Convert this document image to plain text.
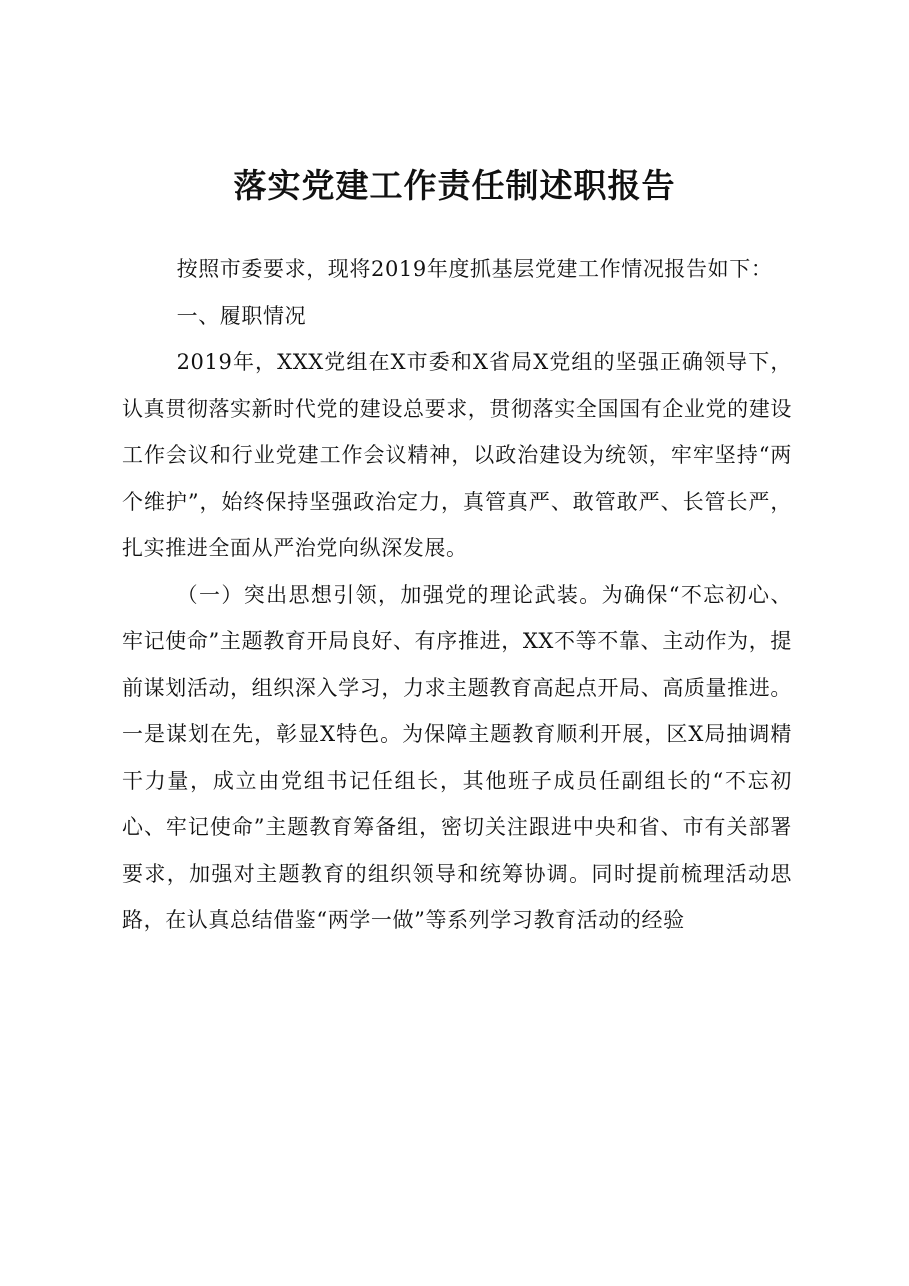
落实党建工作责任制述职报告

按照市委要求，现将2019年度抓基层党建工作情况报告如下：

一、履职情况

2019年，XXX党组在X市委和X省局X党组的坚强正确领导下，认真贯彻落实新时代党的建设总要求，贯彻落实全国国有企业党的建设工作会议和行业党建工作会议精神，以政治建设为统领，牢牢坚持“两个维护”，始终保持坚强政治定力，真管真严、敢管敢严、长管长严，扎实推进全面从严治党向纵深发展。

（一）突出思想引领，加强党的理论武装。为确保“不忘初心、牢记使命”主题教育开局良好、有序推进，XX不等不靠、主动作为，提前谋划活动，组织深入学习，力求主题教育高起点开局、高质量推进。一是谋划在先，彰显X特色。为保障主题教育顺利开展，区X局抽调精干力量，成立由党组书记任组长，其他班子成员任副组长的“不忘初心、牢记使命”主题教育筹备组，密切关注跟进中央和省、市有关部署要求，加强对主题教育的组织领导和统筹协调。同时提前梳理活动思路，在认真总结借鉴“两学一做”等系列学习教育活动的经验
